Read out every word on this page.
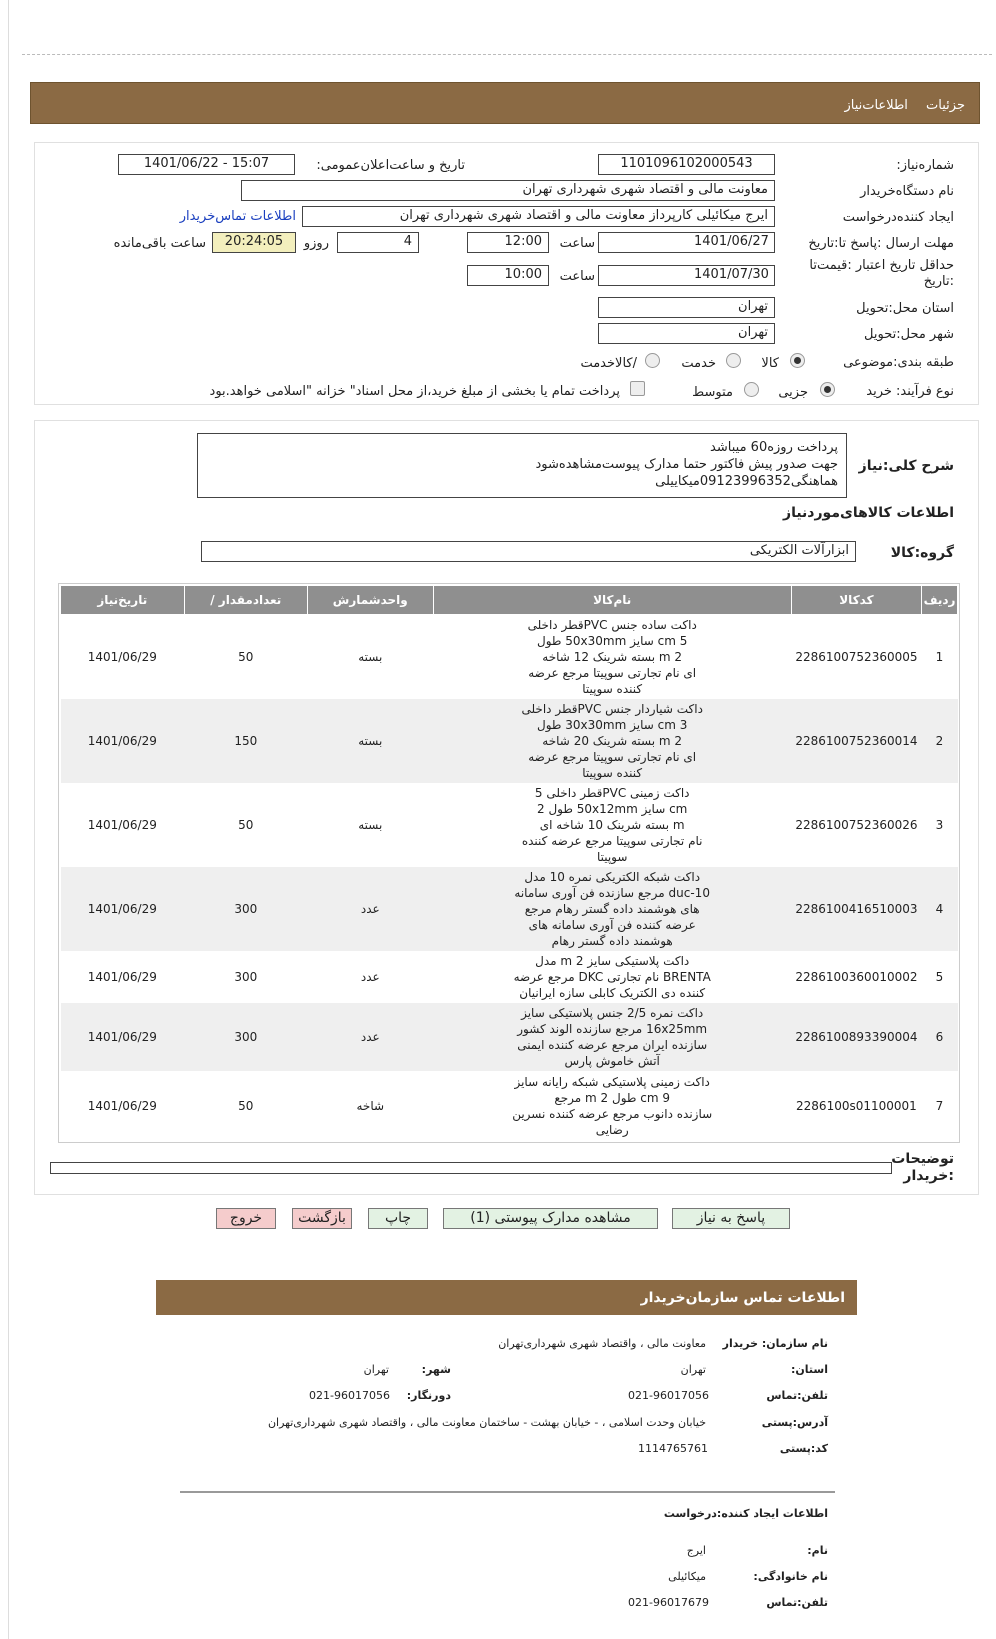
جزئیات اطلاعات‌نیاز
شماره‌نیاز:
1101096102000543
تاریخ و ساعت‌اعلان‌عمومی:
1401/06/22 - 15:07
نام دستگاه‌خریدار
معاونت مالی و اقتصاد شهری شهرداری تهران
ایجاد کننده‌درخواست
ایرج میکائیلی کارپرداز معاونت مالی و اقتصاد شهری شهرداری تهران
اطلاعات تماس‌خریدار
مهلت ارسال :پاسخ تا:تاریخ
1401/06/27
ساعت
12:00
4
روزو
20:24:05
ساعت باقی‌مانده
حداقل تاریخ اعتبار :قیمت‌تا :تاریخ
1401/07/30
ساعت
10:00
استان محل:تحویل
تهران
شهر محل:تحویل
تهران
طبقه بندی:موضوعی
کالا
خدمت
/کالاخدمت
نوع فرآیند: خرید
جزیی
متوسط
پرداخت تمام یا بخشی از مبلغ خرید،از محل اسناد" خزانه "اسلامی خواهد.بود
شرح کلی:نیاز
پرداخت روزه60 میباشد
جهت صدور پیش فاکتور حتما مدارک پیوست‌مشاهده‌شود
هماهنگی09123996352میکاییلی
اطلاعات کالاهای‌موردنیاز
گروه:کالا
ابزارآلات الکتریکی
تاریخ‌نیاز	/ تعدادمقدار	واحدشمارش	نام‌کالا	کدکالا	ردیف
1401/06/29	50	بسته	داکت ساده جنس PVCقطر داخلی
5 cm سایز 50x30mm طول
2 m بسته شرینک 12 شاخه
ای نام تجارتی سوپیتا مرجع عرضه
کننده سوپیتا	2286100752360005	1
1401/06/29	150	بسته	داکت شیاردار جنس PVCقطر داخلی
3 cm سایز 30x30mm طول
2 m بسته شرینک 20 شاخه
ای نام تجارتی سوپیتا مرجع عرضه
کننده سوپیتا	2286100752360014	2
1401/06/29	50	بسته	داکت زمینی PVCقطر داخلی 5
cm سایز 50x12mm طول 2
m بسته شرینک 10 شاخه ای
نام تجارتی سوپیتا مرجع عرضه کننده
سوپیتا	2286100752360026	3
1401/06/29	300	عدد	داکت شبکه الکتریکی نمره 10 مدل
duc-10 مرجع سازنده فن آوری سامانه
های هوشمند داده گستر رهام مرجع
عرضه کننده فن آوری سامانه های
هوشمند داده گستر رهام	2286100416510003	4
1401/06/29	300	عدد	داکت پلاستیکی سایز 2 m مدل
BRENTA نام تجارتی DKC مرجع عرضه
کننده دی الکتریک کابلی سازه ایرانیان	2286100360010002	5
1401/06/29	300	عدد	داکت نمره 2/5 جنس پلاستیکی سایز
16x25mm مرجع سازنده الوند کشور
سازنده ایران مرجع عرضه کننده ایمنی
آتش خاموش پارس	2286100893390004	6
1401/06/29	50	شاخه	داکت زمینی پلاستیکی شبکه رایانه سایز
9 cm طول 2 m مرجع
سازنده دانوب مرجع عرضه کننده نسرین
رضایی	2286100s01100001	7
توضیحات :خریدار
پاسخ به نیاز
مشاهده مدارک پیوستی (1)
چاپ
بازگشت
خروج
اطلاعات تماس سازمان‌خریدار
نام سازمان: خریدار
معاونت مالی ، واقتصاد شهری شهرداری‌تهران
استان:
تهران
شهر:
تهران
تلفن:تماس
021-96017056
دورنگار:
021-96017056
آدرس:پستی
خیابان وحدت اسلامی ، - خیابان بهشت - ساختمان معاونت مالی ، واقتصاد شهری شهرداری‌تهران
کد:پستی
1114765761
اطلاعات ایجاد کننده:درخواست
نام:
ایرج
نام خانوادگی:
میکائیلی
تلفن:تماس
021-96017679
